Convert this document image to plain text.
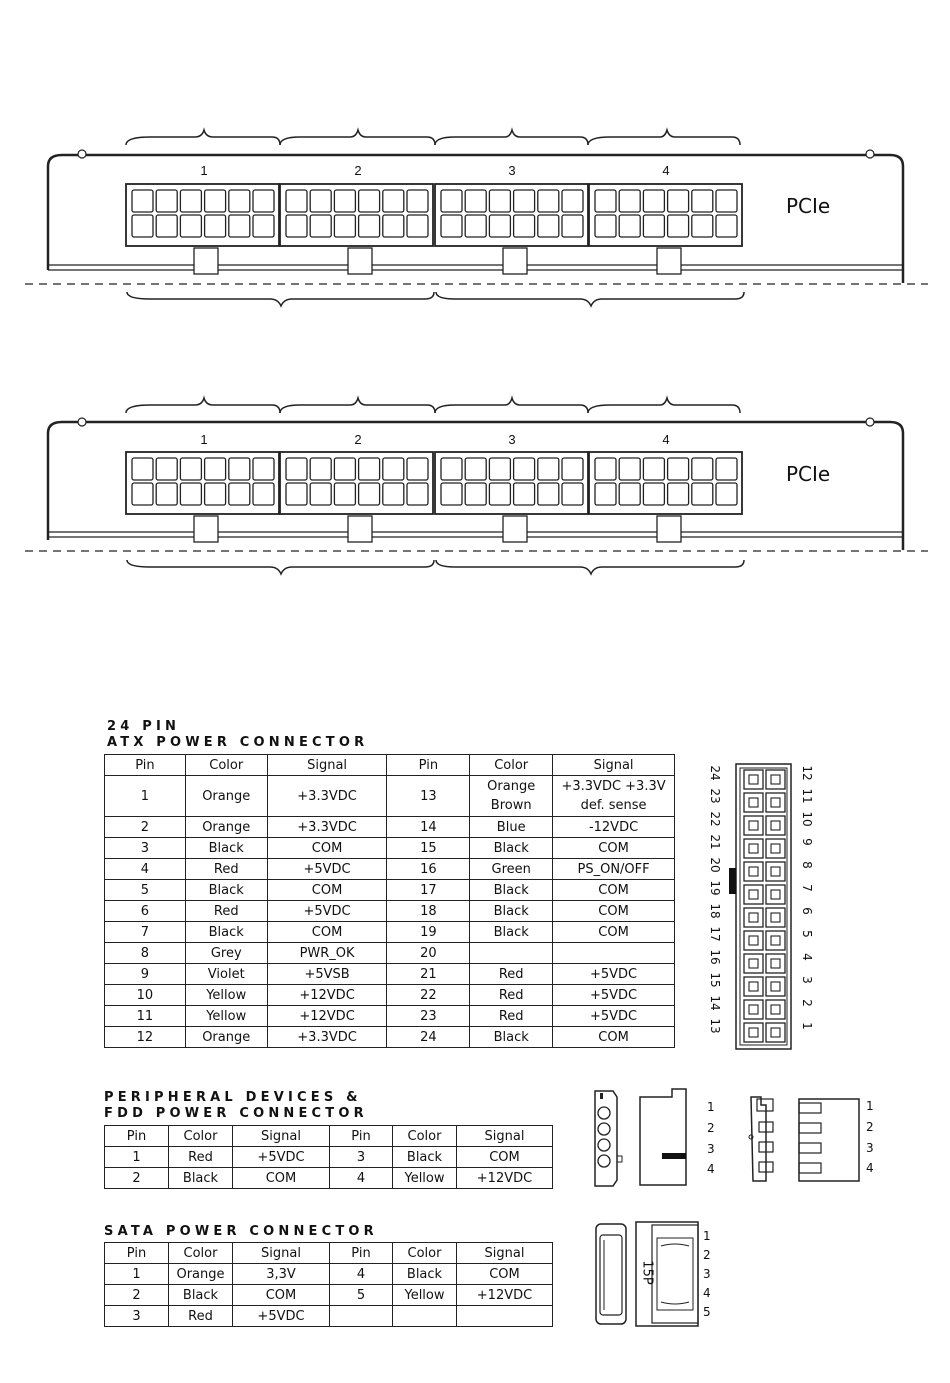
1	2	3	4
PCIe
1	2	3	4
PCIe
24 PIN
ATX POWER CONNECTOR
Pin	Color	Signal	Pin	Color	Signal
1	Orange	+3.3VDC	13	Orange Brown	+3.3VDC +3.3V def. sense
2	Orange	+3.3VDC	14	Blue	-12VDC
3	Black	COM	15	Black	COM
4	Red	+5VDC	16	Green	PS_ON/OFF
5	Black	COM	17	Black	COM
6	Red	+5VDC	18	Black	COM
7	Black	COM	19	Black	COM
8	Grey	PWR_OK	20		
9	Violet	+5VSB	21	Red	+5VDC
10	Yellow	+12VDC	22	Red	+5VDC
11	Yellow	+12VDC	23	Red	+5VDC
12	Orange	+3.3VDC	24	Black	COM
24
23
22
21
20
19
18
17
16
15
14
13
12
11
10
9
8
7
6
5
4
3
2
1
PERIPHERAL DEVICES &
FDD POWER CONNECTOR
Pin	Color	Signal	Pin	Color	Signal
1	Red	+5VDC	3	Black	COM
2	Black	COM	4	Yellow	+12VDC
1
2
3
4
1
2
3
4
SATA POWER CONNECTOR
Pin	Color	Signal	Pin	Color	Signal
1	Orange	3,3V	4	Black	COM
2	Black	COM	5	Yellow	+12VDC
3	Red	+5VDC			
15P
1
2
3
4
5
